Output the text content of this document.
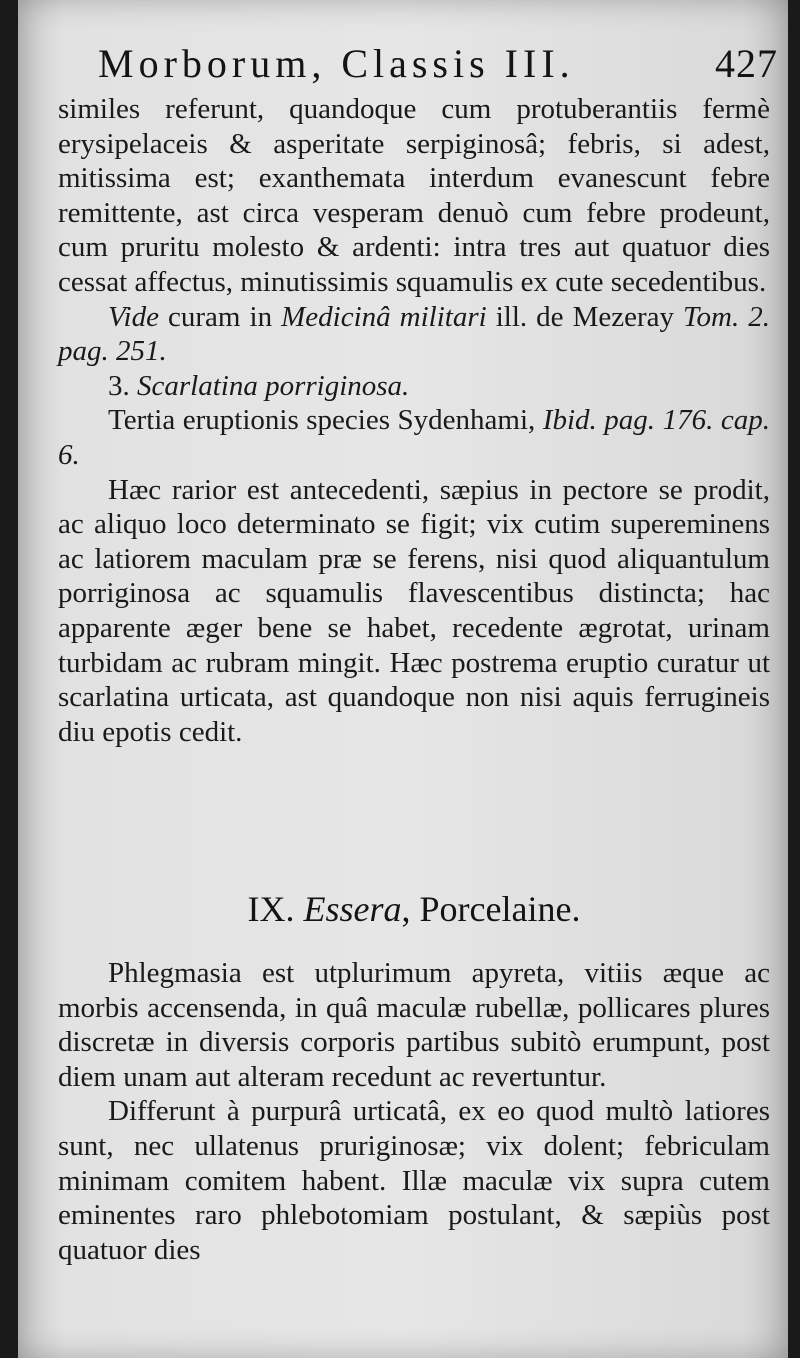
Morborum, Classis III.	427

similes referunt, quandoque cum protuberantiis fermè erysipelaceis & asperitate serpiginosâ; febris, si adest, mitissima est; exanthemata interdum evanescunt febre remittente, ast circa vesperam denuò cum febre prodeunt, cum pruritu molesto & ardenti: intra tres aut quatuor dies cessat affectus, minutissimis squamulis ex cute secedentibus.

Vide curam in Medicinâ militari ill. de Mezeray Tom. 2. pag. 251.

3. Scarlatina porriginosa.

Tertia eruptionis species Sydenhami, Ibid. pag. 176. cap. 6.

Hæc rarior est antecedenti, sæpius in pectore se prodit, ac aliquo loco determinato se figit; vix cutim supereminens ac latiorem maculam præ se ferens, nisi quod aliquantulum porriginosa ac squamulis flavescentibus distincta; hac apparente æger bene se habet, recedente ægrotat, urinam turbidam ac rubram mingit. Hæc postrema eruptio curatur ut scarlatina urticata, ast quandoque non nisi aquis ferrugineis diu epotis cedit.

IX. Essera, Porcelaine.

Phlegmasia est utplurimum apyreta, vitiis æque ac morbis accensenda, in quâ maculæ rubellæ, pollicares plures discretæ in diversis corporis partibus subitò erumpunt, post diem unam aut alteram recedunt ac revertuntur.

Differunt à purpurâ urticatâ, ex eo quod multò latiores sunt, nec ullatenus pruriginosæ; vix dolent; febriculam minimam comitem habent. Illæ maculæ vix supra cutem eminentes raro phlebotomiam postulant, & sæpiùs post quatuor dies
